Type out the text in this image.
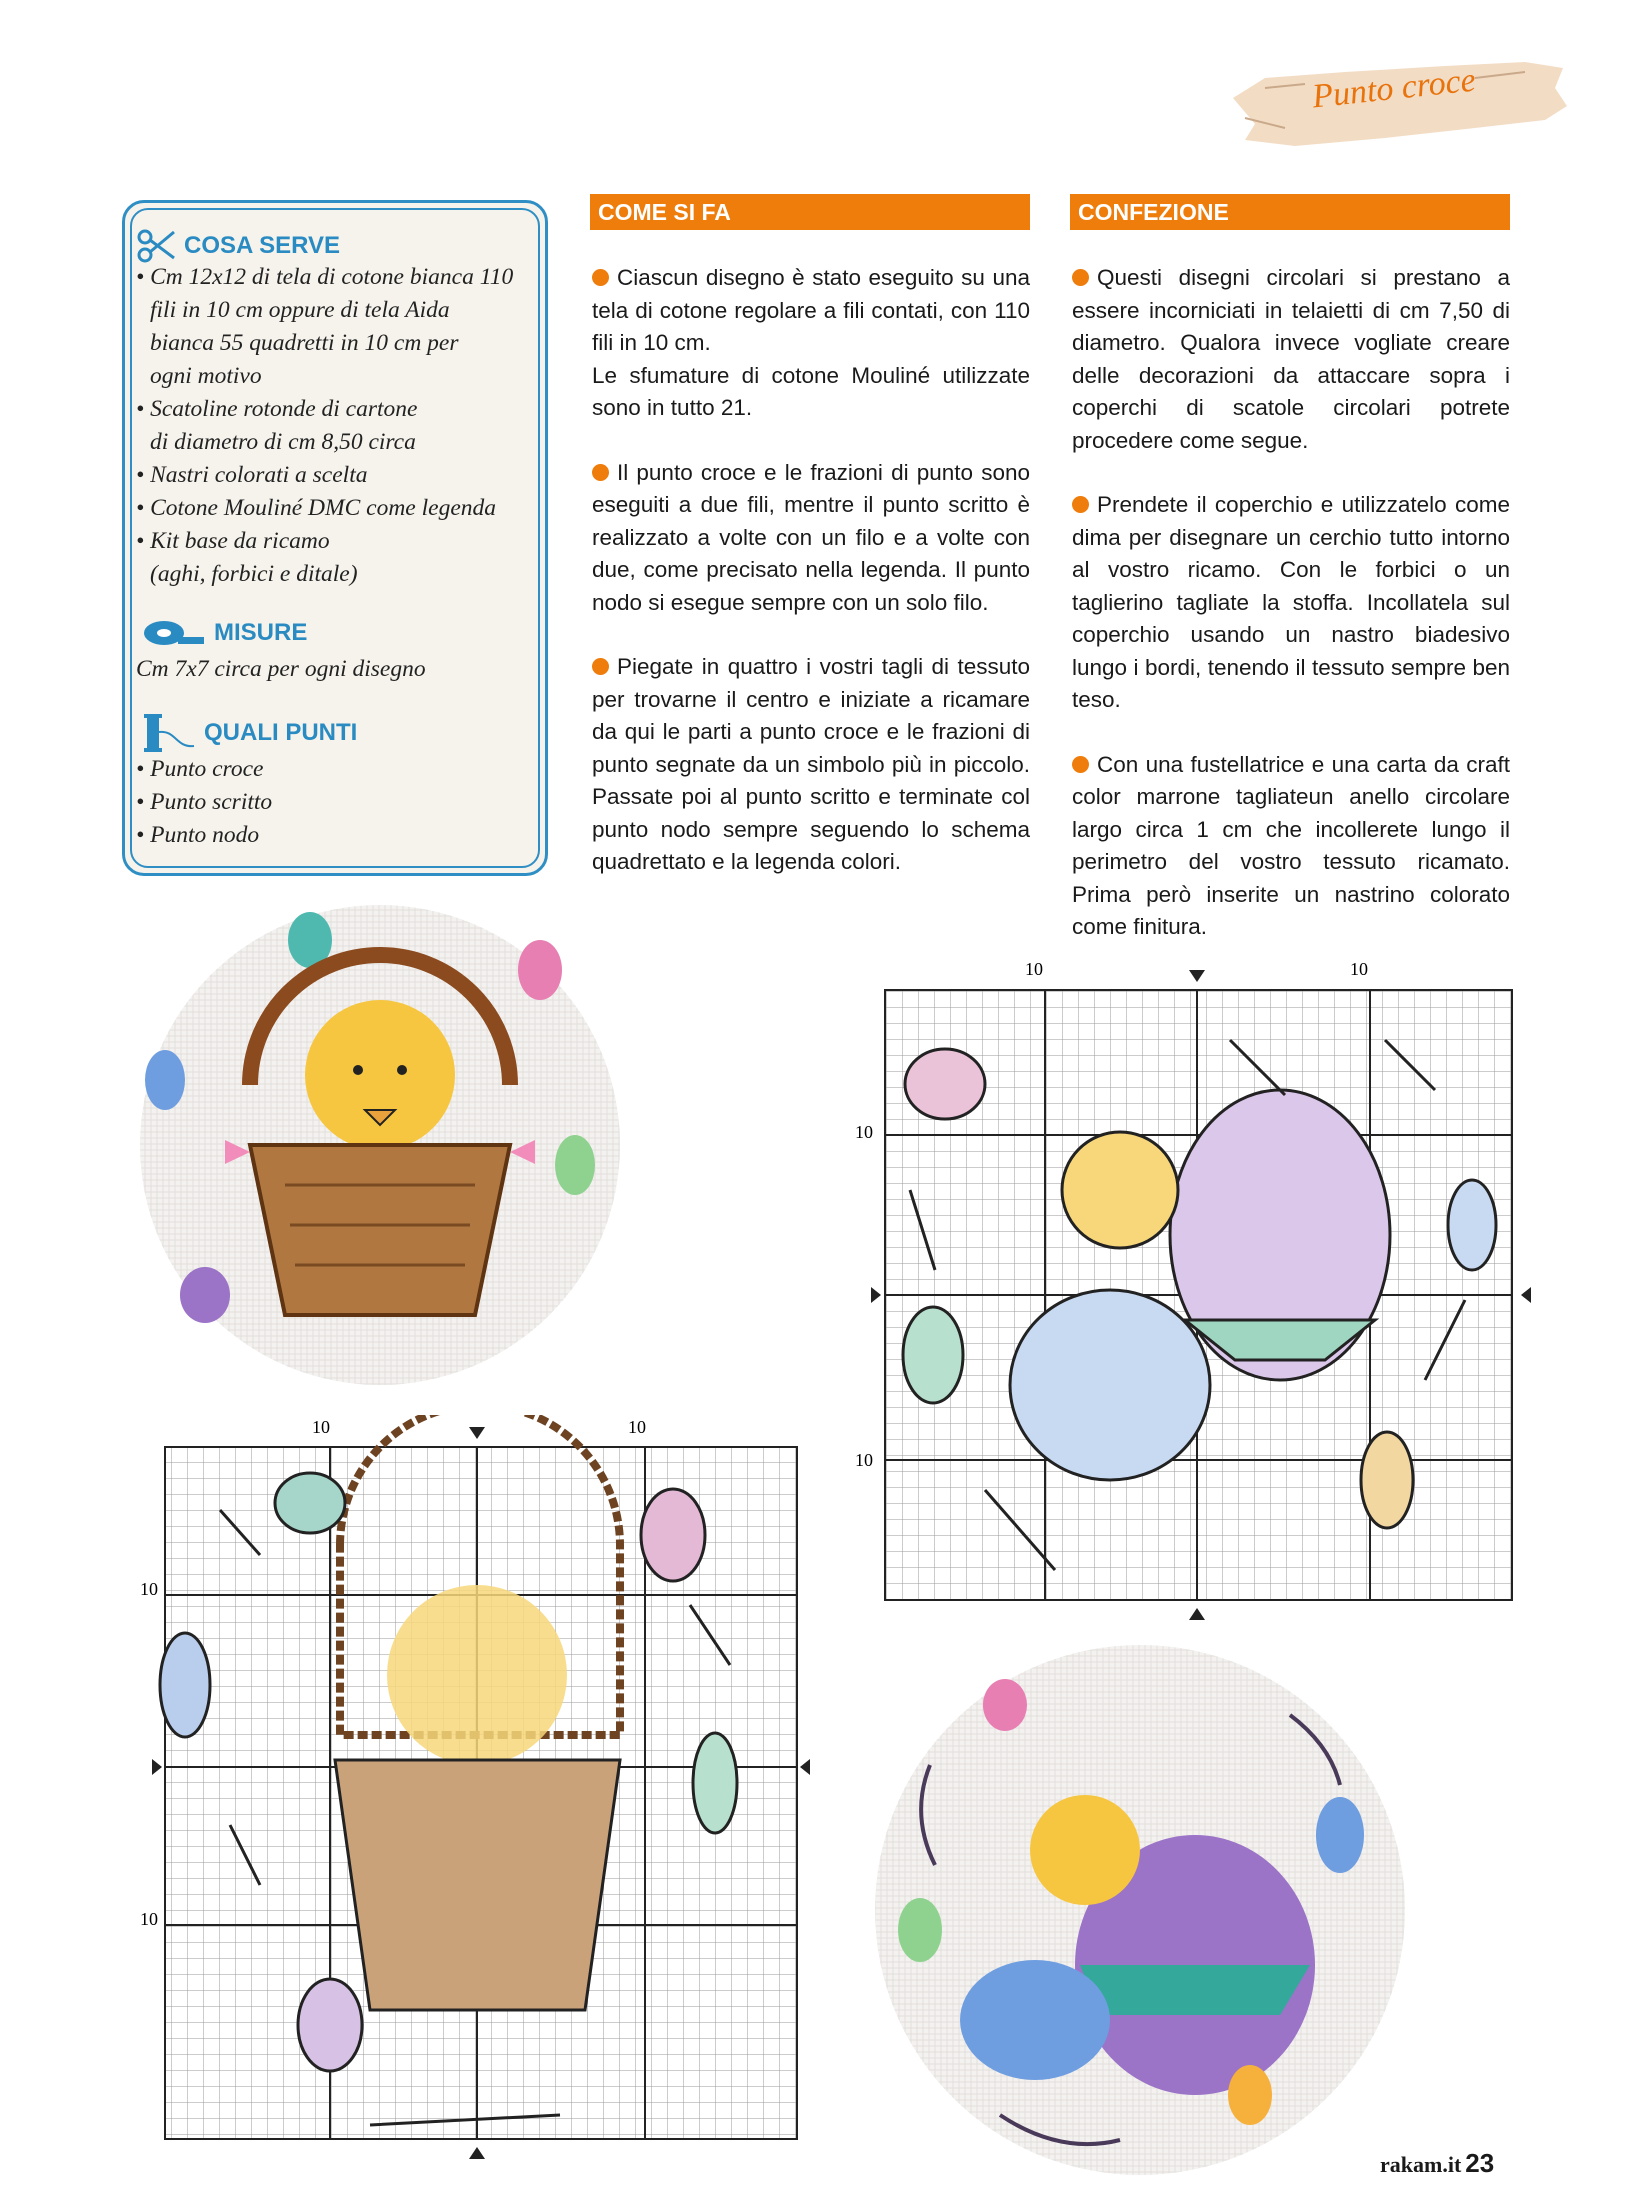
Punto croce
COSA SERVE
• Cm 12x12 di tela di cotone bianca 110
fili in 10 cm oppure di tela Aida
bianca 55 quadretti in 10 cm per
ogni motivo
• Scatoline rotonde di cartone
di diametro di cm 8,50 circa
• Nastri colorati a scelta
• Cotone Mouliné DMC come legenda
• Kit base da ricamo
(aghi, forbici e ditale)
MISURE
Cm 7x7 circa per ogni disegno
QUALI PUNTI
• Punto croce
• Punto scritto
• Punto nodo
COME SI FA

Ciascun disegno è stato eseguito su una tela di cotone regolare a fili contati, con 110 fili in 10 cm.

Le sfumature di cotone Mouliné utilizzate sono in tutto 21.

Il punto croce e le frazioni di punto sono eseguiti a due fili, mentre il punto scritto è realizzato a volte con un filo e a volte con due, come precisato nella legenda. Il punto nodo si esegue sempre con un solo filo.

Piegate in quattro i vostri tagli di tessuto per trovarne il centro e iniziate a ricamare da qui le parti a punto croce e le frazioni di punto segnate da un simbolo più in piccolo. Passate poi al punto scritto e terminate col punto nodo sempre seguendo lo schema quadrettato e la legenda colori.

CONFEZIONE

Questi disegni circolari si prestano a essere incorniciati in telaietti di cm 7,50 di diametro. Qualora invece vogliate creare delle decorazioni da attaccare sopra i coperchi di scatole circolari potrete procedere come segue.

Prendete il coperchio e utilizzatelo come dima per disegnare un cerchio tutto intorno al vostro ricamo. Con le forbici o un taglierino tagliate la stoffa. Incollatela sul coperchio usando un nastro biadesivo lungo i bordi, tenendo il tessuto sempre ben teso.

Con una fustellatrice e una carta da craft color marrone tagliateun anello circolare largo circa 1 cm che incollerete lungo il perimetro del vostro tessuto ricamato. Prima però inserite un nastrino colorato come finitura.

10	10
10
10
10	10
10
10
rakam.it 23
